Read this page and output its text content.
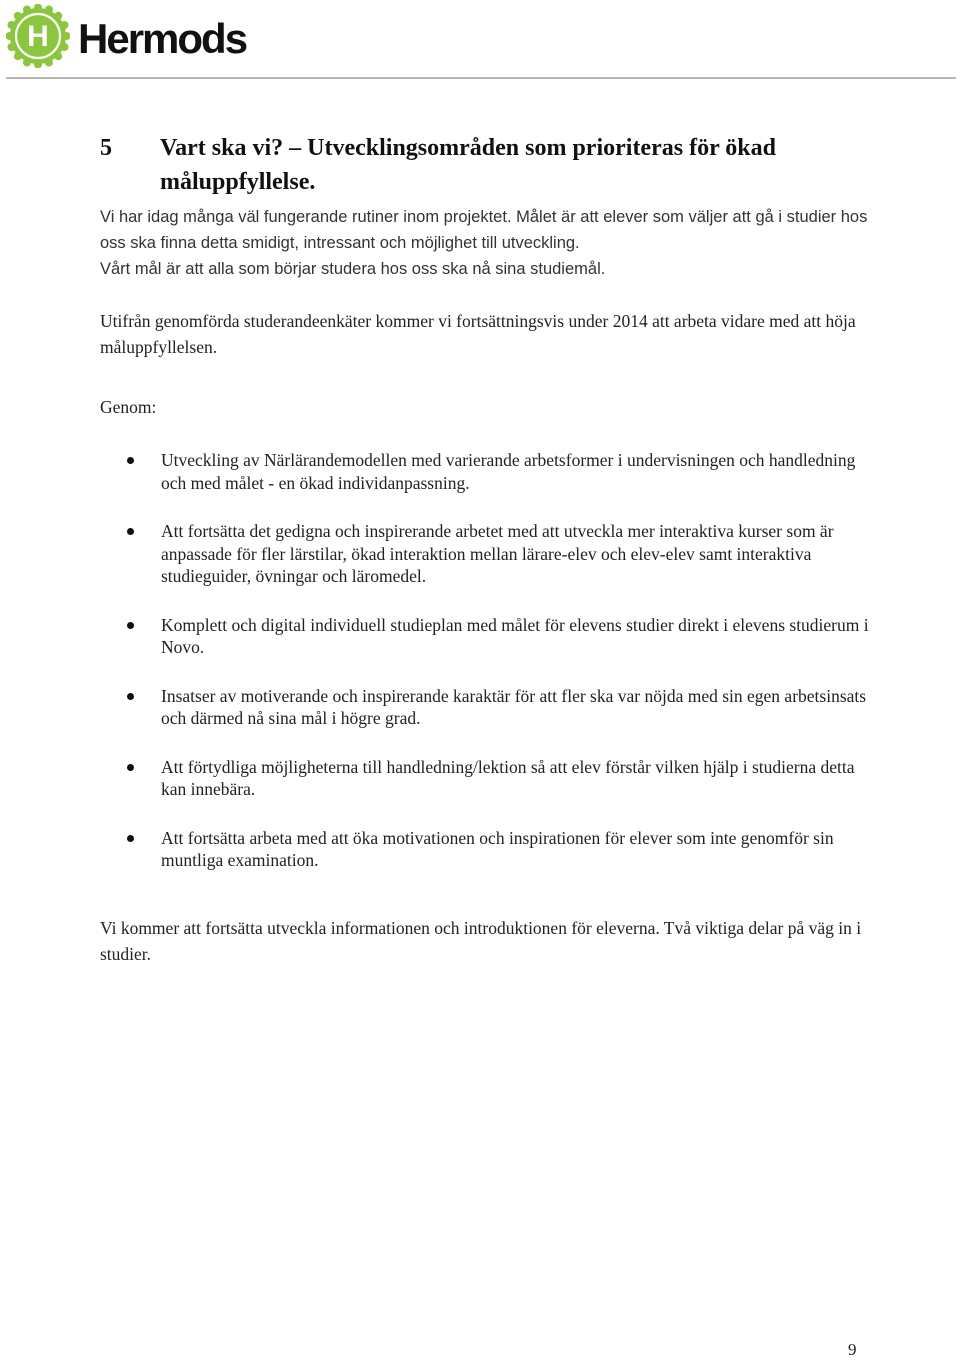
H Hermods
5 Vart ska vi? – Utvecklingsområden som prioriteras för ökad måluppfyllelse.

Vi har idag många väl fungerande rutiner inom projektet. Målet är att elever som väljer att gå i studier hos oss ska finna detta smidigt, intressant och möjlighet till utveckling.

Vårt mål är att alla som börjar studera hos oss ska nå sina studiemål.

Utifrån genomförda studerandeenkäter kommer vi fortsättningsvis under 2014 att arbeta vidare med att höja måluppfyllelsen.

Genom:

Utveckling av Närlärandemodellen med varierande arbetsformer i undervisningen och handledning och med målet - en ökad individanpassning.
Att fortsätta det gedigna och inspirerande arbetet med att utveckla mer interaktiva kurser som är anpassade för fler lärstilar, ökad interaktion mellan lärare-elev och elev-elev samt interaktiva studieguider, övningar och läromedel.
Komplett och digital individuell studieplan med målet för elevens studier direkt i elevens studierum i Novo.
Insatser av motiverande och inspirerande karaktär för att fler ska var nöjda med sin egen arbetsinsats och därmed nå sina mål i högre grad.
Att förtydliga möjligheterna till handledning/lektion så att elev förstår vilken hjälp i studierna detta kan innebära.
Att fortsätta arbeta med att öka motivationen och inspirationen för elever som inte genomför sin muntliga examination.

Vi kommer att fortsätta utveckla informationen och introduktionen för eleverna. Två viktiga delar på väg in i studier.

9
